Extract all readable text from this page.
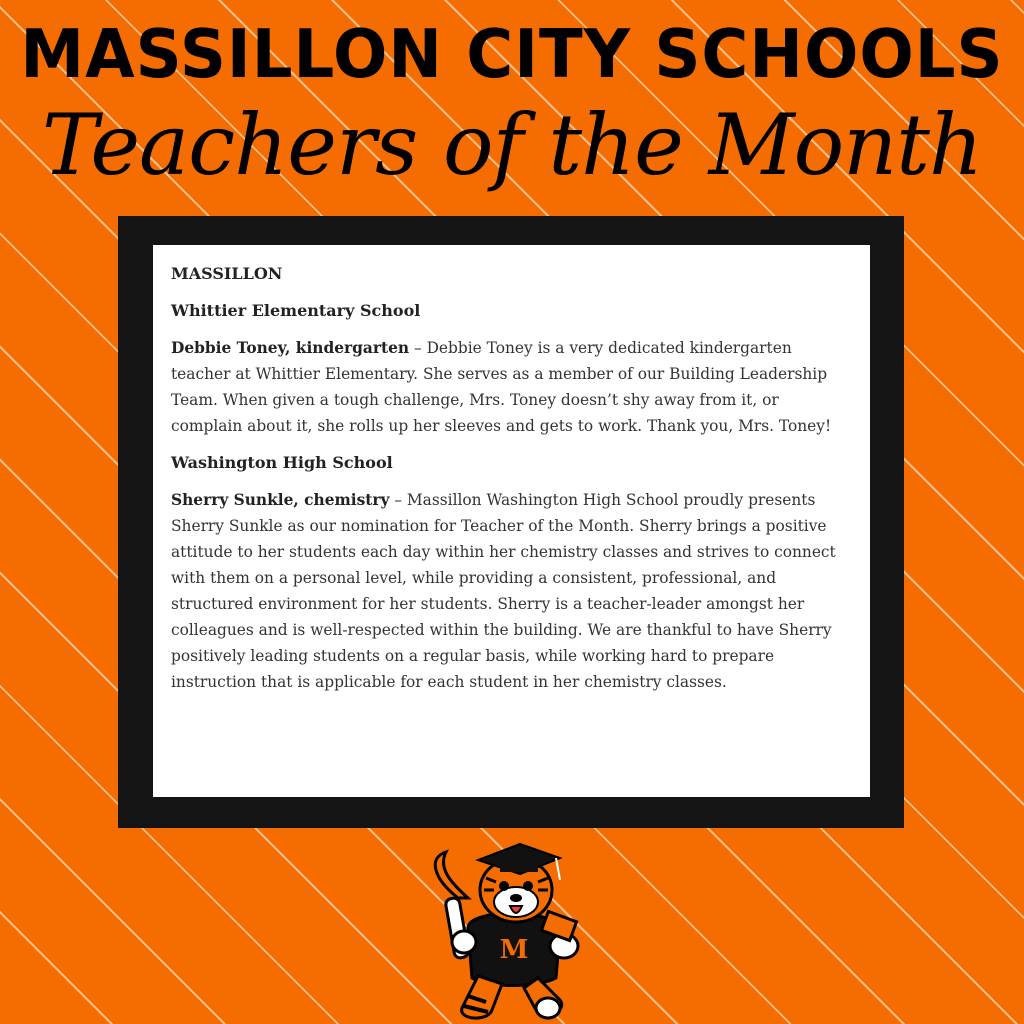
MASSILLON CITY SCHOOLS
Teachers of the Month

MASSILLON

Whittier Elementary School

Debbie Toney, kindergarten – Debbie Toney is a very dedicated kindergarten teacher at Whittier Elementary. She serves as a member of our Building Leadership Team. When given a tough challenge, Mrs. Toney doesn’t shy away from it, or complain about it, she rolls up her sleeves and gets to work. Thank you, Mrs. Toney!

Washington High School

Sherry Sunkle, chemistry – Massillon Washington High School proudly presents Sherry Sunkle as our nomination for Teacher of the Month. Sherry brings a positive attitude to her students each day within her chemistry classes and strives to connect with them on a personal level, while providing a consistent, professional, and structured environment for her students. Sherry is a teacher-leader amongst her colleagues and is well-respected within the building. We are thankful to have Sherry positively leading students on a regular basis, while working hard to prepare instruction that is applicable for each student in her chemistry classes.

M
